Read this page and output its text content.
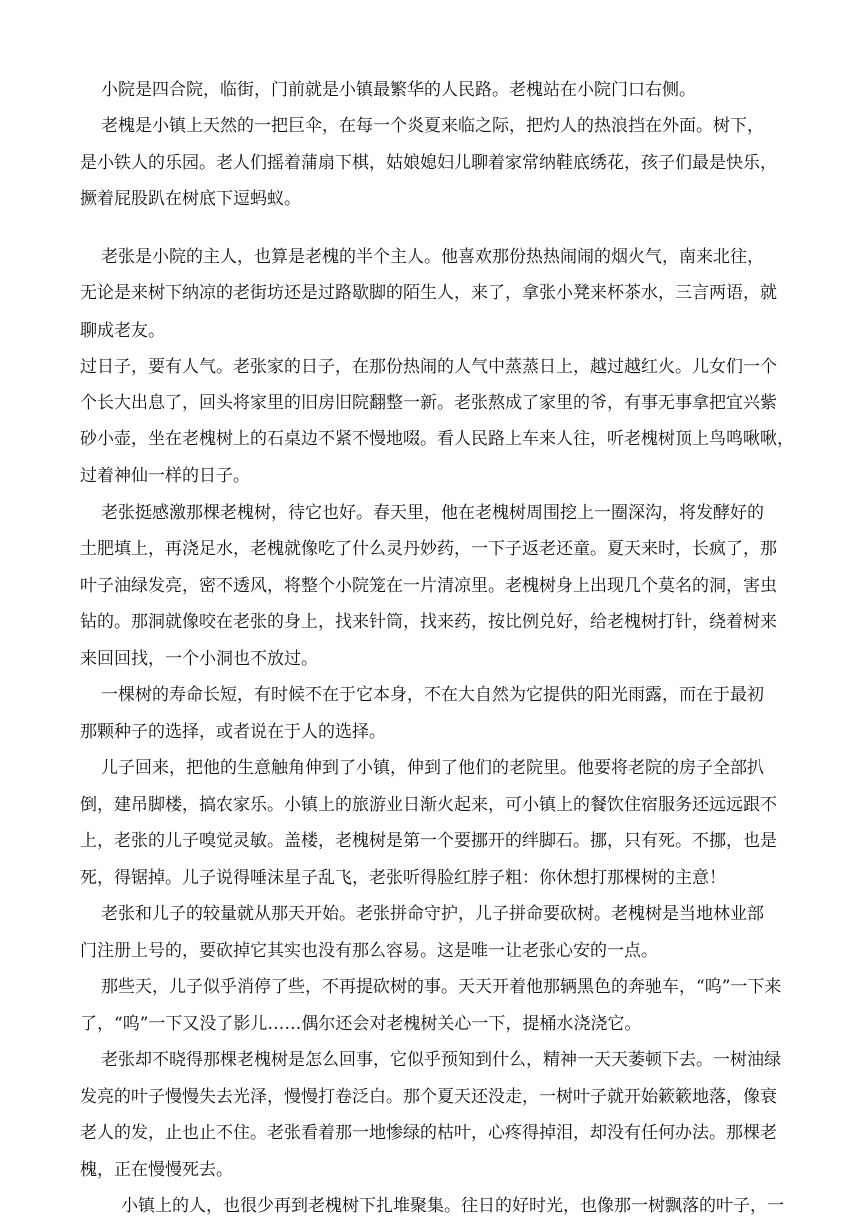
小院是四合院，临街，门前就是小镇最繁华的人民路。老槐站在小院门口右侧。
老槐是小镇上天然的一把巨伞，在每一个炎夏来临之际，把灼人的热浪挡在外面。树下，
是小铁人的乐园。老人们摇着蒲扇下棋，姑娘媳妇儿聊着家常纳鞋底绣花，孩子们最是快乐，
撅着屁股趴在树底下逗蚂蚁。
老张是小院的主人，也算是老槐的半个主人。他喜欢那份热热闹闹的烟火气，南来北往，
无论是来树下纳凉的老街坊还是过路歇脚的陌生人，来了，拿张小凳来杯茶水，三言两语，就
聊成老友。
过日子，要有人气。老张家的日子，在那份热闹的人气中蒸蒸日上，越过越红火。儿女们一个
个长大出息了，回头将家里的旧房旧院翻整一新。老张熬成了家里的爷，有事无事拿把宜兴紫
砂小壶，坐在老槐树上的石桌边不紧不慢地啜。看人民路上车来人往，听老槐树顶上鸟鸣啾啾，
过着神仙一样的日子。
老张挺感激那棵老槐树，待它也好。春天里，他在老槐树周围挖上一圈深沟，将发酵好的
土肥填上，再浇足水，老槐就像吃了什么灵丹妙药，一下子返老还童。夏天来时，长疯了，那
叶子油绿发亮，密不透风，将整个小院笼在一片清凉里。老槐树身上出现几个莫名的洞，害虫
钻的。那洞就像咬在老张的身上，找来针筒，找来药，按比例兑好，给老槐树打针，绕着树来
来回回找，一个小洞也不放过。
一棵树的寿命长短，有时候不在于它本身，不在大自然为它提供的阳光雨露，而在于最初
那颗种子的选择，或者说在于人的选择。
儿子回来，把他的生意触角伸到了小镇，伸到了他们的老院里。他要将老院的房子全部扒
倒，建吊脚楼，搞农家乐。小镇上的旅游业日渐火起来，可小镇上的餐饮住宿服务还远远跟不
上，老张的儿子嗅觉灵敏。盖楼，老槐树是第一个要挪开的绊脚石。挪，只有死。不挪，也是
死，得锯掉。儿子说得唾沫星子乱飞，老张听得脸红脖子粗：你休想打那棵树的主意！
老张和儿子的较量就从那天开始。老张拼命守护，儿子拼命要砍树。老槐树是当地林业部
门注册上号的，要砍掉它其实也没有那么容易。这是唯一让老张心安的一点。
那些天，儿子似乎消停了些，不再提砍树的事。天天开着他那辆黑色的奔驰车，“呜”一下来
了，“呜”一下又没了影儿……偶尔还会对老槐树关心一下，提桶水浇浇它。
老张却不晓得那棵老槐树是怎么回事，它似乎预知到什么，精神一天天萎顿下去。一树油绿
发亮的叶子慢慢失去光泽，慢慢打卷泛白。那个夏天还没走，一树叶子就开始簌簌地落，像衰
老人的发，止也止不住。老张看着那一地惨绿的枯叶，心疼得掉泪，却没有任何办法。那棵老
槐，正在慢慢死去。
小镇上的人，也很少再到老槐树下扎堆聚集。往日的好时光，也像那一树飘落的叶子，一
